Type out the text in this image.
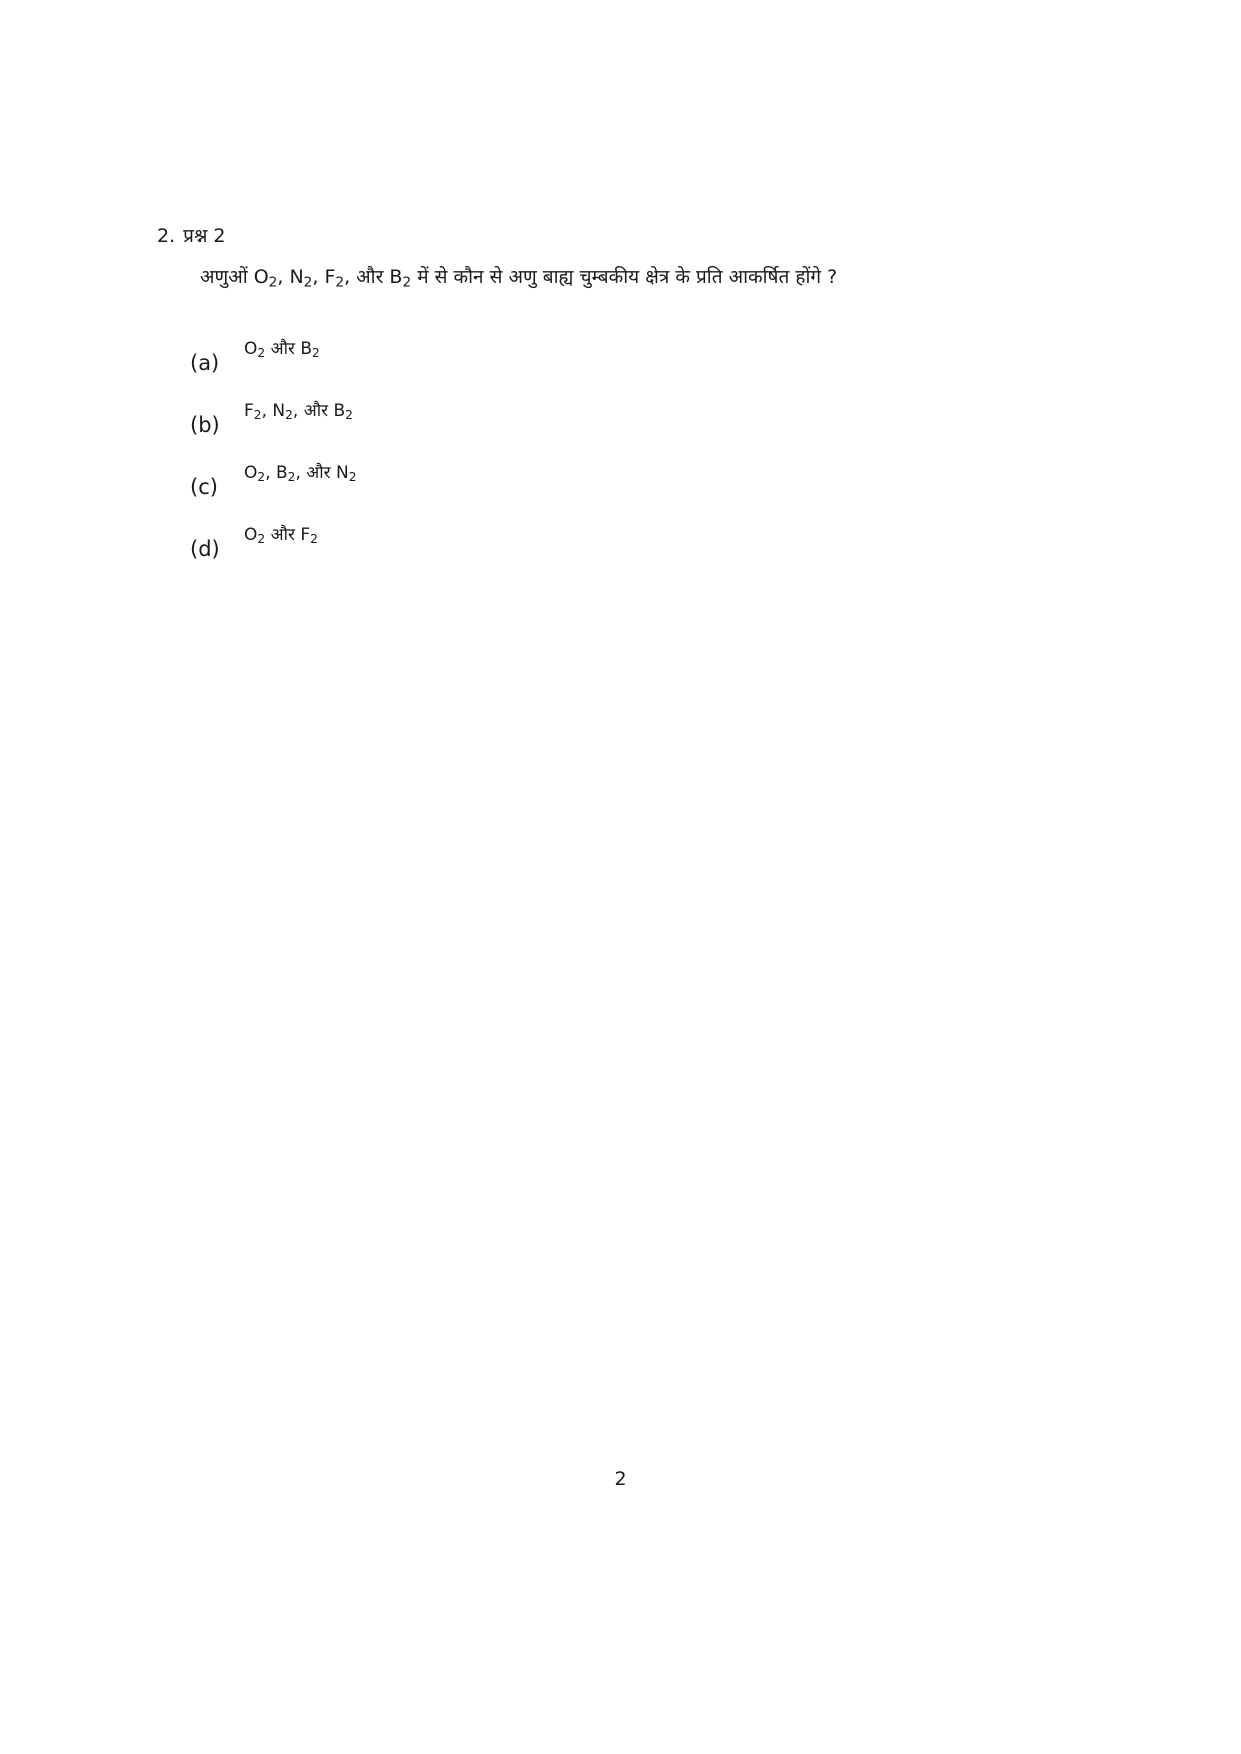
2. प्रश्न 2
अणुओं $O_2$, $N_2$, $F_2$, और $B_2$ में से कौन से अणु बाह्य चुम्बकीय क्षेत्र के प्रति आकर्षित होंगे ?
(a)
$O_2$ और $B_2$
(b)
$F_2$, $N_2$, और $B_2$
(c)
$O_2$, $B_2$, और $N_2$
(d)
$O_2$ और $F_2$
2
